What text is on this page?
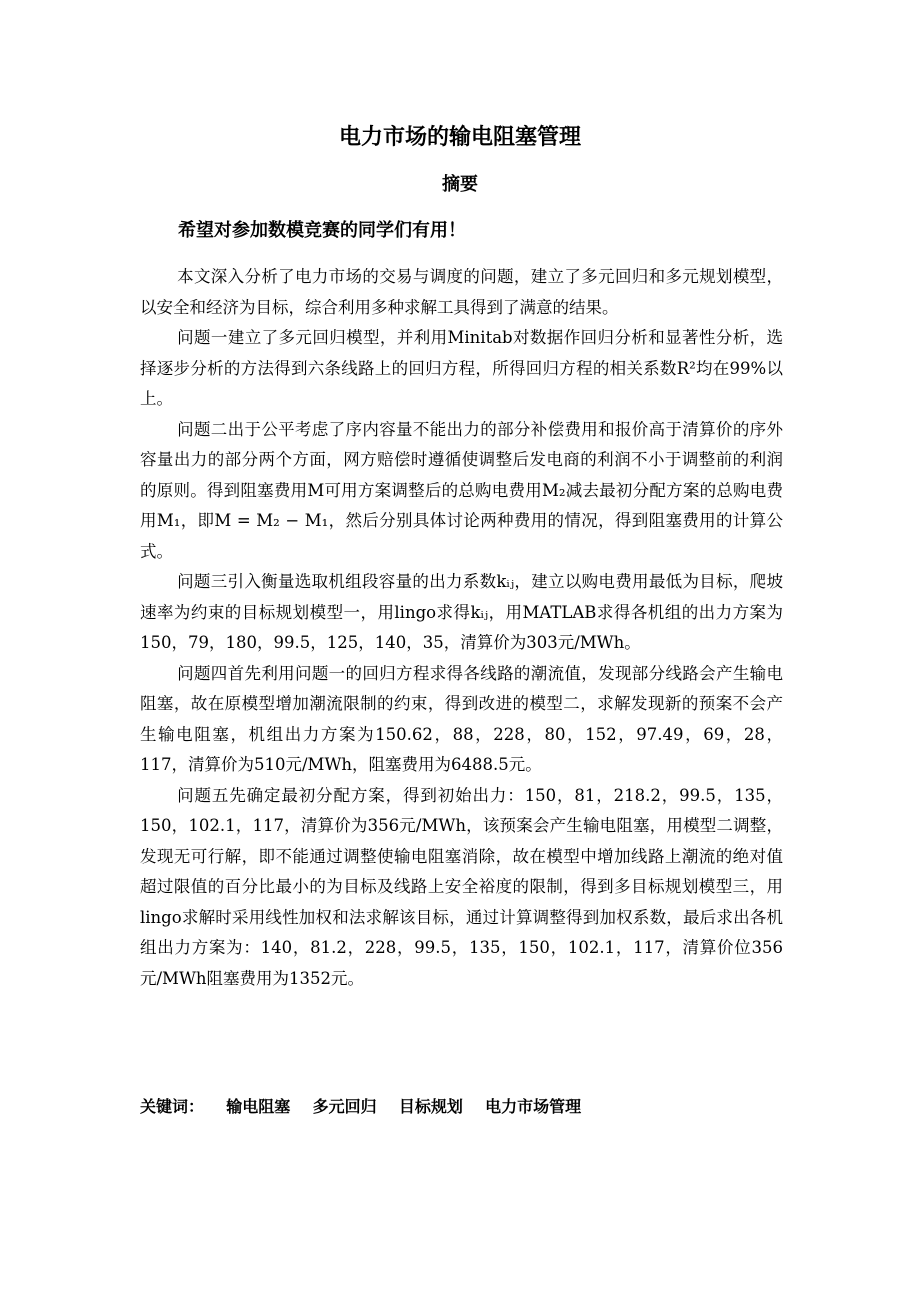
电力市场的输电阻塞管理
摘要
希望对参加数模竞赛的同学们有用！

本文深入分析了电力市场的交易与调度的问题，建立了多元回归和多元规划模型，以安全和经济为目标，综合利用多种求解工具得到了满意的结果。

问题一建立了多元回归模型，并利用Minitab对数据作回归分析和显著性分析，选择逐步分析的方法得到六条线路上的回归方程，所得回归方程的相关系数R²均在99%以上。

问题二出于公平考虑了序内容量不能出力的部分补偿费用和报价高于清算价的序外容量出力的部分两个方面，网方赔偿时遵循使调整后发电商的利润不小于调整前的利润的原则。得到阻塞费用M可用方案调整后的总购电费用M₂减去最初分配方案的总购电费用M₁，即M = M₂ − M₁，然后分别具体讨论两种费用的情况，得到阻塞费用的计算公式。

问题三引入衡量选取机组段容量的出力系数kᵢⱼ，建立以购电费用最低为目标，爬坡速率为约束的目标规划模型一，用lingo求得kᵢⱼ，用MATLAB求得各机组的出力方案为150，79，180，99.5，125，140，35，清算价为303元/MWh。

问题四首先利用问题一的回归方程求得各线路的潮流值，发现部分线路会产生输电阻塞，故在原模型增加潮流限制的约束，得到改进的模型二，求解发现新的预案不会产生输电阻塞，机组出力方案为150.62，88，228，80，152，97.49，69，28，117，清算价为510元/MWh，阻塞费用为6488.5元。

问题五先确定最初分配方案，得到初始出力：150，81，218.2，99.5，135，150，102.1，117，清算价为356元/MWh，该预案会产生输电阻塞，用模型二调整，发现无可行解，即不能通过调整使输电阻塞消除，故在模型中增加线路上潮流的绝对值超过限值的百分比最小的为目标及线路上安全裕度的限制，得到多目标规划模型三，用lingo求解时采用线性加权和法求解该目标，通过计算调整得到加权系数，最后求出各机组出力方案为：140，81.2，228，99.5，135，150，102.1，117，清算价位356元/MWh阻塞费用为1352元。

关键词：    输电阻塞    多元回归    目标规划    电力市场管理
